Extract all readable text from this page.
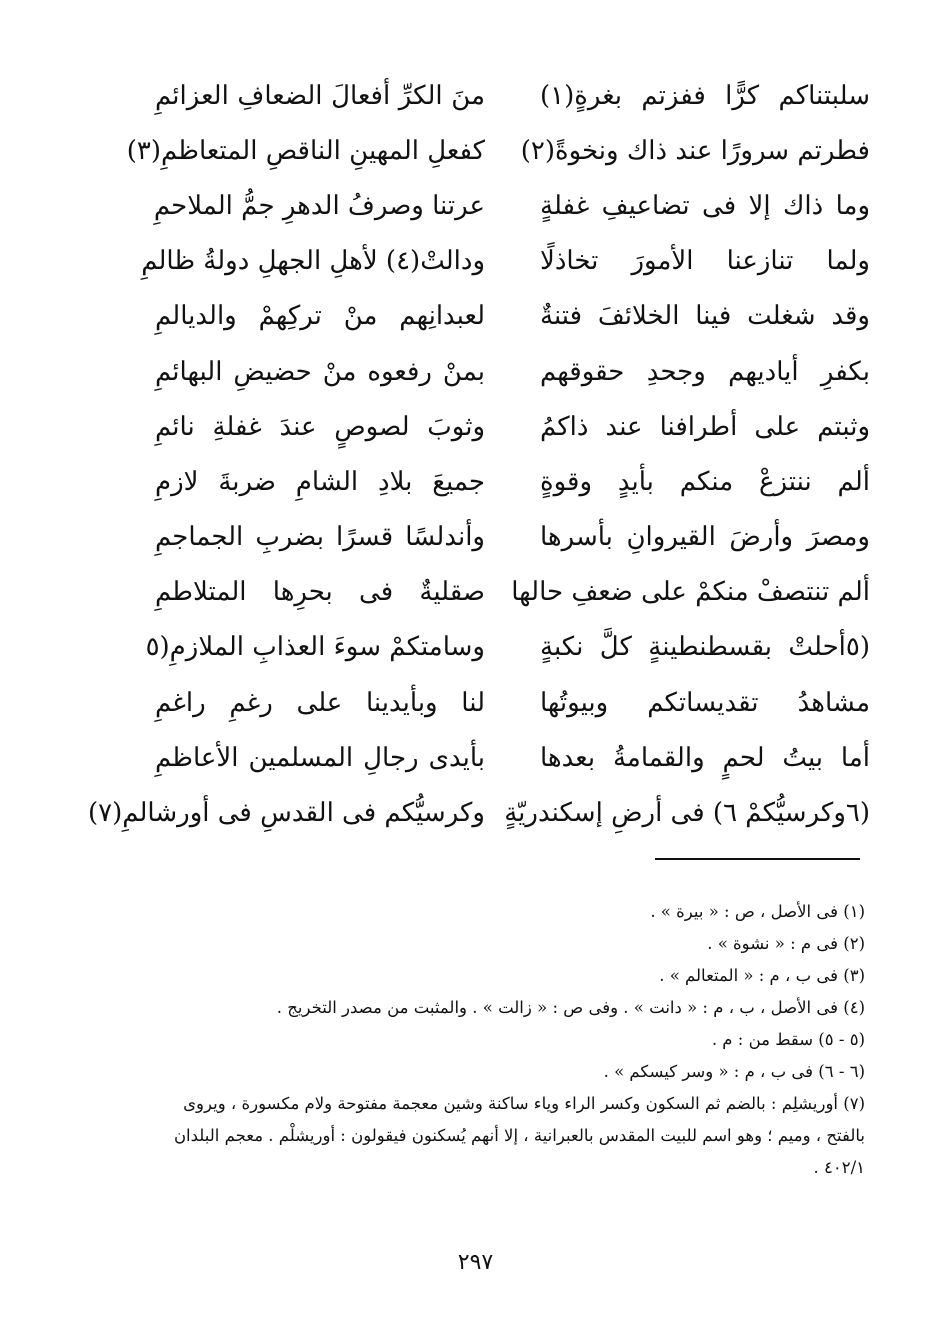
سلبتناكم كرًّا ففزتم بغرةٍ(١)
فطرتم سرورًا عند ذاك ونخوةً(٢)
وما ذاك إلا فى تضاعيفِ غفلةٍ
ولما تنازعنا الأمورَ تخاذلًا
وقد شغلت فينا الخلائفَ فتنةٌ
بكفرِ أياديهم وجحدِ حقوقهم
وثبتم على أطرافنا عند ذاكمُ
ألم ننتزعْ منكم بأيدٍ وقوةٍ
ومصرَ وأرضَ القيروانِ بأسرها
ألم تنتصفْ منكمْ على ضعفِ حالها
(٥أحلتْ بقسطنطينةٍ كلَّ نكبةٍ
مشاهدُ تقديساتكم وبيوتُها
أما بيتُ لحمٍ والقمامةُ بعدها
(٦وكرسيُّكمْ ٦) فى أرضِ إسكندريّةٍ
منَ الكرِّ أفعالَ الضعافِ العزائمِ
كفعلِ المهينِ الناقصِ المتعاظمِ(٣)
عرتنا وصرفُ الدهرِ جمُّ الملاحمِ
ودالتْ(٤) لأهلِ الجهلِ دولةُ ظالمِ
لعبدانِهم منْ تركِهمْ والديالمِ
بمنْ رفعوه منْ حضيضِ البهائمِ
وثوبَ لصوصٍ عندَ غفلةِ نائمِ
جميعَ بلادِ الشامِ ضربةَ لازمِ
وأندلسًا قسرًا بضربِ الجماجمِ
صقليةٌ فى بحرِها المتلاطمِ
وسامتكمْ سوءَ العذابِ الملازمِ(٥
لنا وبأيدينا على رغمِ راغمِ
بأيدى رجالِ المسلمين الأعاظمِ
وكرسيُّكم فى القدسِ فى أورشالمِ(٧)
(١) فى الأصل ، ص : « بيرة » .
(٢) فى م : « نشوة » .
(٣) فى ب ، م : « المتعالم » .
(٤) فى الأصل ، ب ، م : « دانت » . وفى ص : « زالت » . والمثبت من مصدر التخريج .
(٥ - ٥) سقط من : م .
(٦ - ٦) فى ب ، م : « وسر كيسكم » .
(٧) أوريشلِم : بالضم ثم السكون وكسر الراء وياء ساكنة وشين معجمة مفتوحة ولام مكسورة ، ويروى بالفتح ، وميم ؛ وهو اسم للبيت المقدس بالعبرانية ، إلا أنهم يُسكنون فيقولون : أوريشلْم . معجم البلدان ٤٠٢/١ .
٢٩٧
